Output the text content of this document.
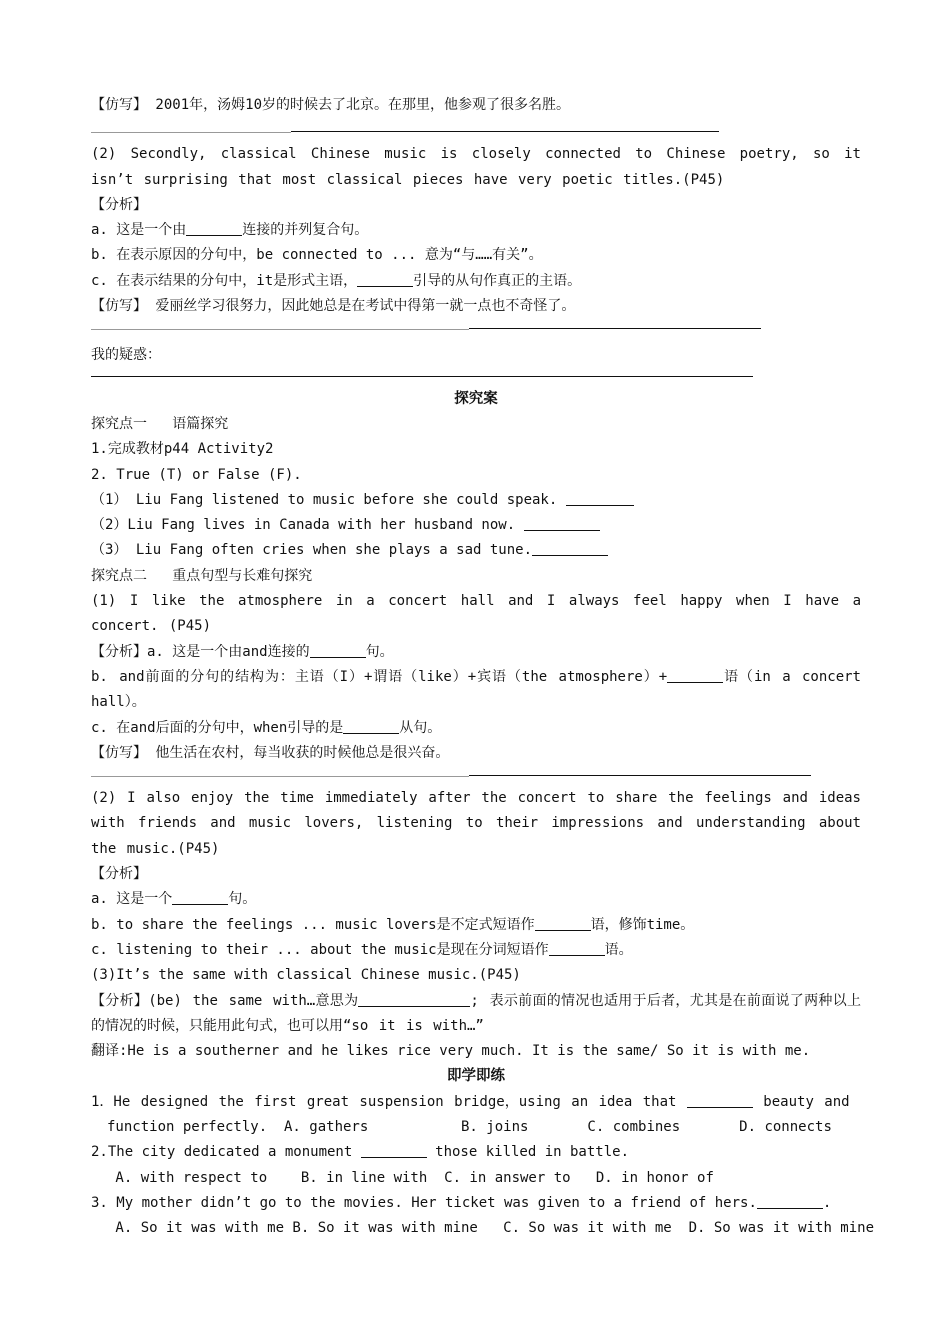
【仿写】 2001年，汤姆10岁的时候去了北京。在那里，他参观了很多名胜。
(2) Secondly, classical Chinese music is closely connected to Chinese poetry, so it isn’t surprising that most classical pieces have very poetic titles.(P45)
【分析】
a. 这是一个由	连接的并列复合句。
b. 在表示原因的分句中，be connected to ... 意为“与……有关”。
c. 在表示结果的分句中，it是形式主语，	引导的从句作真正的主语。
【仿写】 爱丽丝学习很努力，因此她总是在考试中得第一就一点也不奇怪了。
我的疑惑：
探究案
探究点一   语篇探究
1.完成教材p44 Activity2
2. True (T) or False (F).
（1） Liu Fang listened to music before she could speak.
（2）Liu Fang lives in Canada with her husband now.
（3） Liu Fang often cries when she plays a sad tune.
探究点二   重点句型与长难句探究
(1) I like the atmosphere in a concert hall and I always feel happy when I have a concert. (P45)
【分析】a. 这是一个由and连接的	句。
b. and前面的分句的结构为：主语（I）+谓语（like）+宾语（the atmosphere）+	语（in a concert hall）。
c. 在and后面的分句中，when引导的是	从句。
【仿写】 他生活在农村，每当收获的时候他总是很兴奋。
(2) I also enjoy the time immediately after the concert to share the feelings and ideas with friends and music lovers, listening to their impressions and understanding about the music.(P45)
【分析】
a. 这是一个	句。
b. to share the feelings ... music lovers是不定式短语作	语，修饰time。
c. listening to their ... about the music是现在分词短语作	语。
(3)It’s the same with classical Chinese music.(P45)
【分析】(be) the same with…意思为	; 表示前面的情况也适用于后者，尤其是在前面说了两种以上的情况的时候，只能用此句式，也可以用“so it is with…”
翻译:He is a southerner and he likes rice very much. It is the same/ So it is with me.
即学即练
1．He designed the first great suspension bridge，using an idea that	beauty and
function perfectly.  A. gathers           B. joins       C. combines       D. connects
2.The city dedicated a monument	those killed in battle.
A. with respect to    B. in line with  C. in answer to   D. in honor of
3. My mother didn’t go to the movies. Her ticket was given to a friend of hers.	.
A. So it was with me B. So it was with mine   C. So was it with me  D. So was it with mine
